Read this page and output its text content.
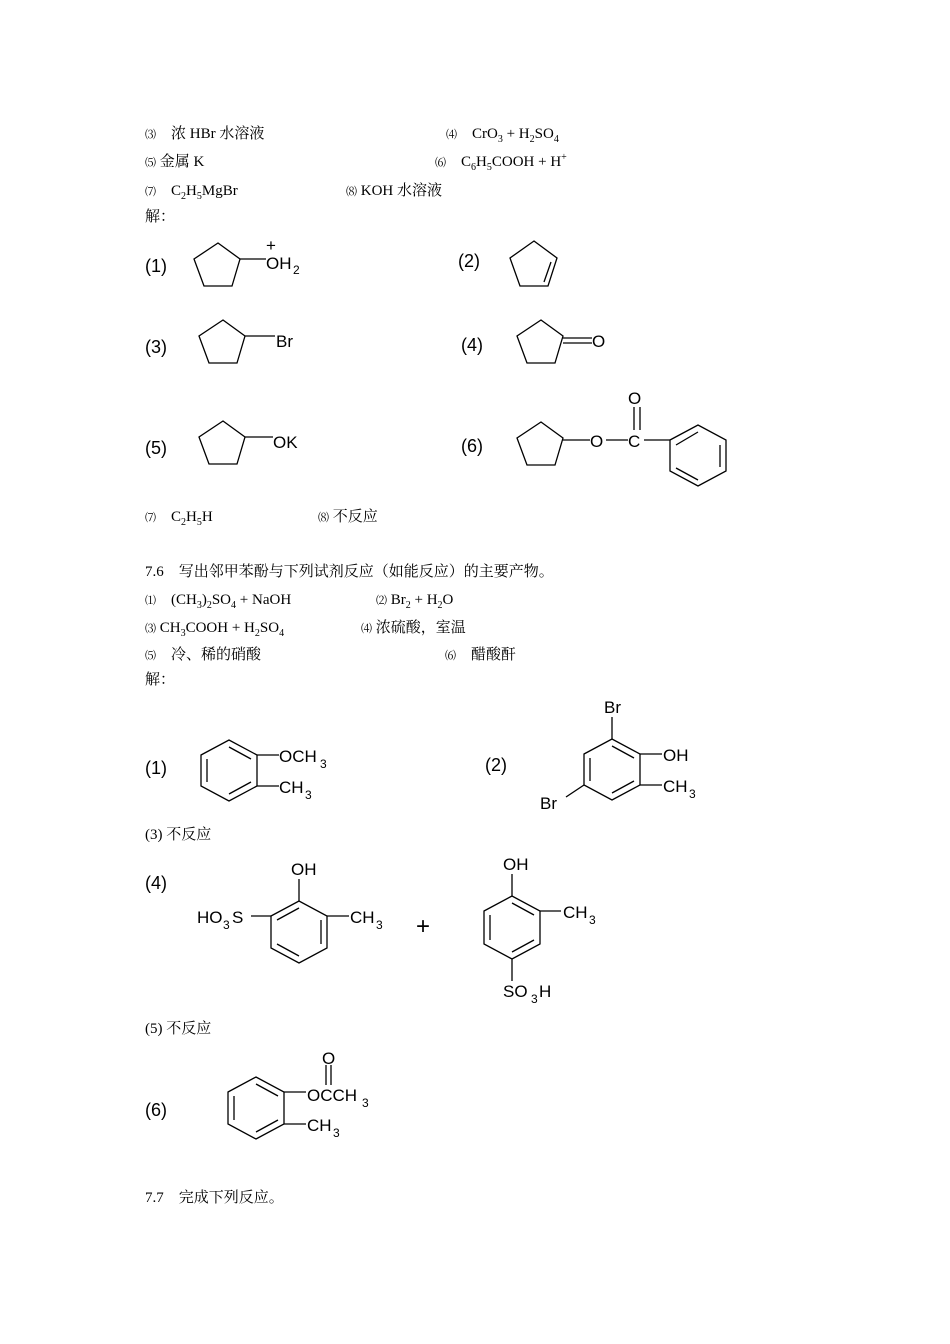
⑶　浓 HBr 水溶液	⑷　$CrO_3 + H_2SO_4$
⑸ 金属 K	⑹　$C_6H_5COOH + H^+$
⑺　$C_2H_5MgBr$	⑻ KOH 水溶液
解：
(1)
+
OH 2	(2)
(3)	Br	(4)	O
(5)	OK	(6)	O C
O
⑺　$C_2H_5H$	⑻ 不反应
7.6　写出邻甲苯酚与下列试剂反应（如能反应）的主要产物。
⑴　$(CH_3)_2SO_4$ + NaOH	⑵ $Br_2 + H_2O$
⑶ $CH_3COOH + H_2SO_4$	⑷ 浓硫酸，室温
⑸　 冷、稀的硝酸	⑹　 醋酸酐
解：
(1)
OCH 3
CH 3
(2)
Br
OH
CH 3
Br
(3) 不反应
(4)
OH
HO 3 S	CH 3 +
OH
CH 3
SO 3 H
(5) 不反应
(6)
OCCH 3
O
CH 3
7.7　完成下列反应。
